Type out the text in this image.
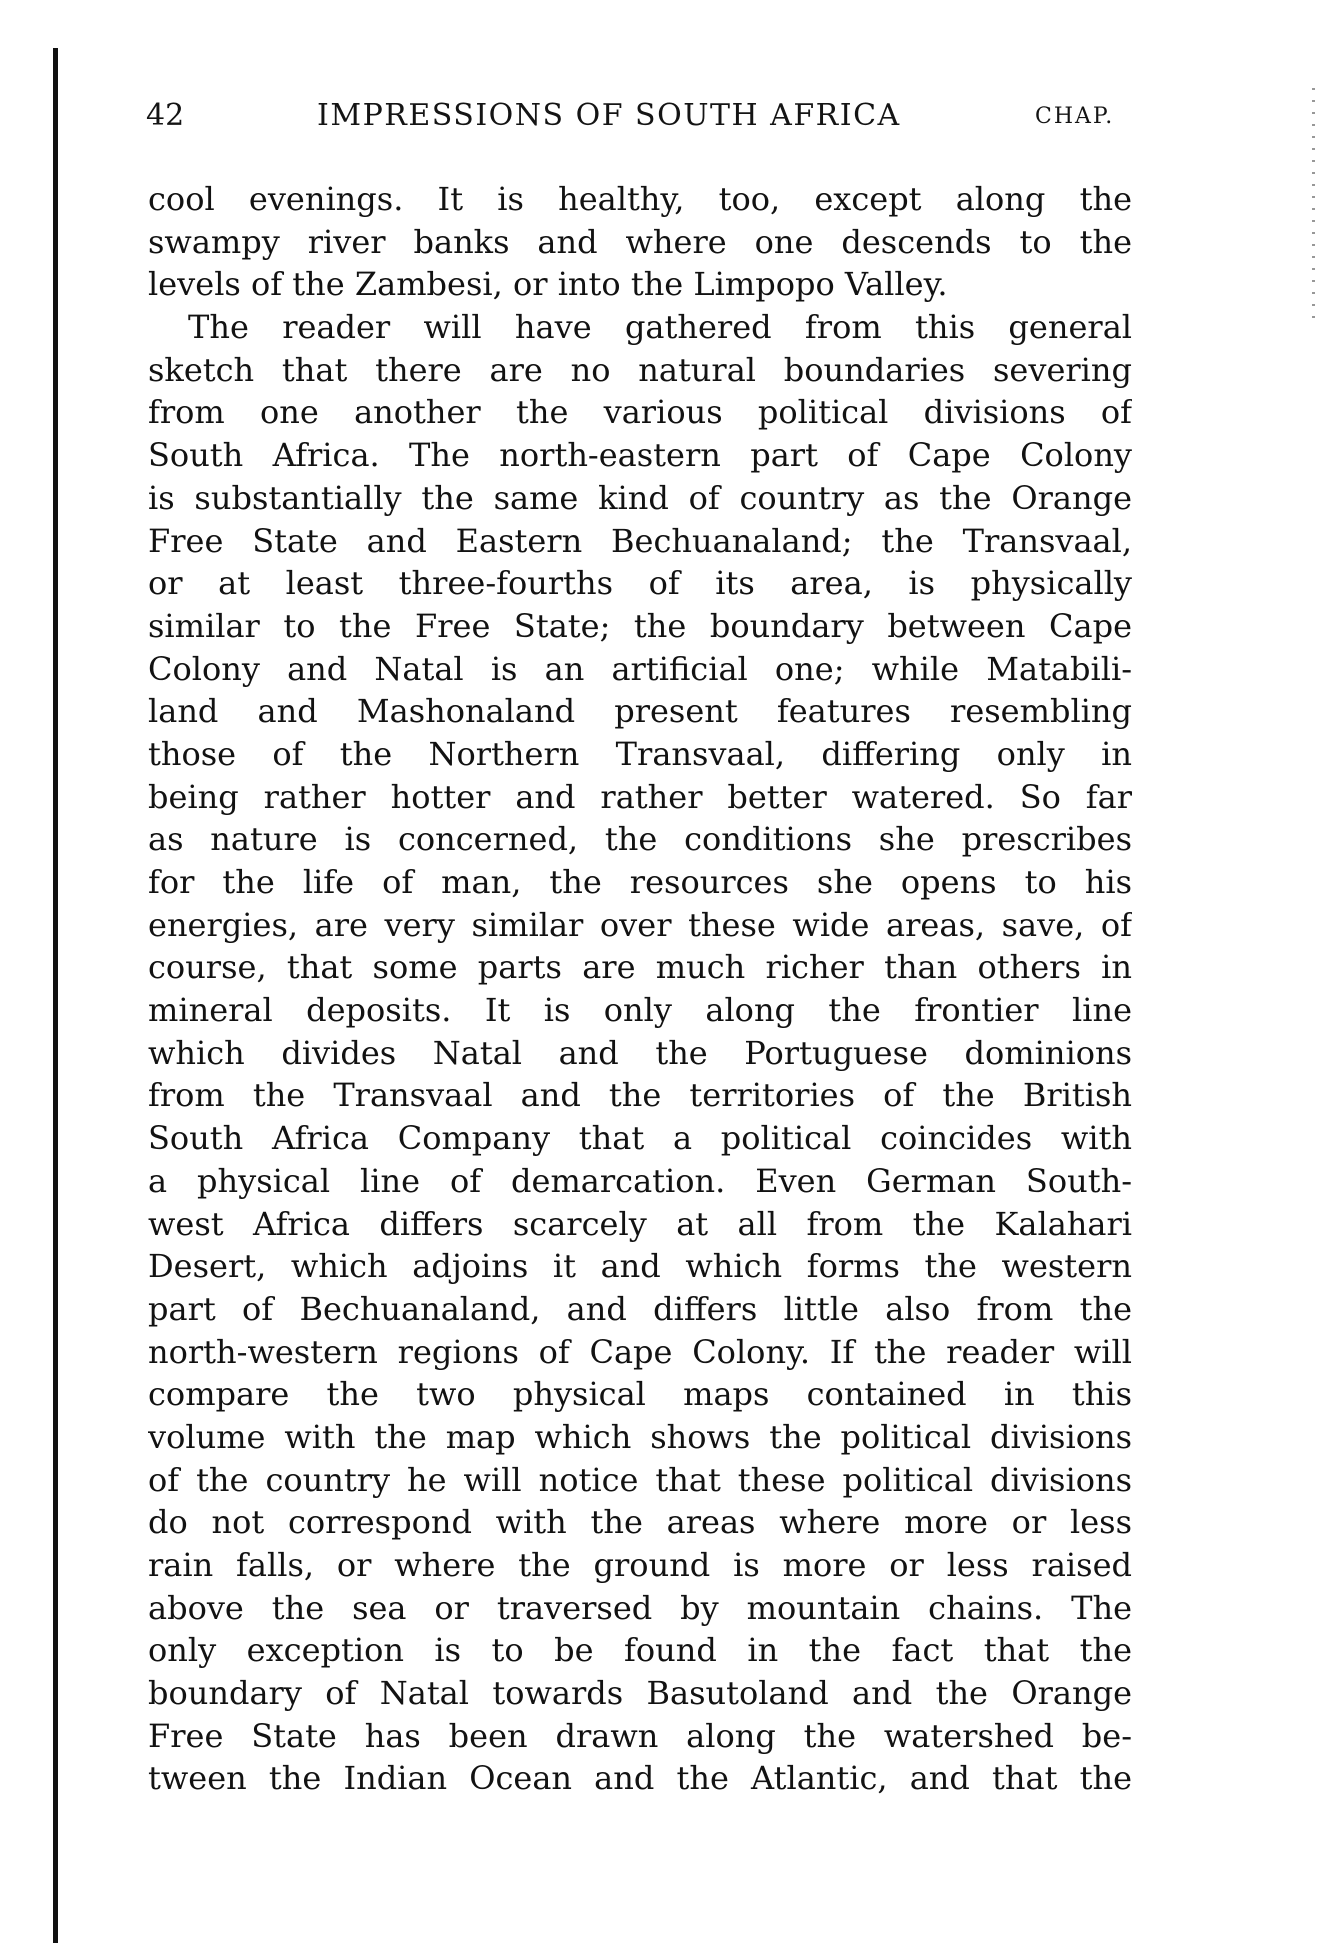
42	IMPRESSIONS OF SOUTH AFRICA	CHAP.
cool evenings. It is healthy, too, except along the
swampy river banks and where one descends to the
levels of the Zambesi, or into the Limpopo Valley.
The reader will have gathered from this general
sketch that there are no natural boundaries severing
from one another the various political divisions of
South Africa. The north-eastern part of Cape Colony
is substantially the same kind of country as the Orange
Free State and Eastern Bechuanaland; the Transvaal,
or at least three-fourths of its area, is physically
similar to the Free State; the boundary between Cape
Colony and Natal is an artificial one; while Matabili-
land and Mashonaland present features resembling
those of the Northern Transvaal, differing only in
being rather hotter and rather better watered. So far
as nature is concerned, the conditions she prescribes
for the life of man, the resources she opens to his
energies, are very similar over these wide areas, save, of
course, that some parts are much richer than others in
mineral deposits. It is only along the frontier line
which divides Natal and the Portuguese dominions
from the Transvaal and the territories of the British
South Africa Company that a political coincides with
a physical line of demarcation. Even German South-
west Africa differs scarcely at all from the Kalahari
Desert, which adjoins it and which forms the western
part of Bechuanaland, and differs little also from the
north-western regions of Cape Colony. If the reader will
compare the two physical maps contained in this
volume with the map which shows the political divisions
of the country he will notice that these political divisions
do not correspond with the areas where more or less
rain falls, or where the ground is more or less raised
above the sea or traversed by mountain chains. The
only exception is to be found in the fact that the
boundary of Natal towards Basutoland and the Orange
Free State has been drawn along the watershed be-
tween the Indian Ocean and the Atlantic, and that the
